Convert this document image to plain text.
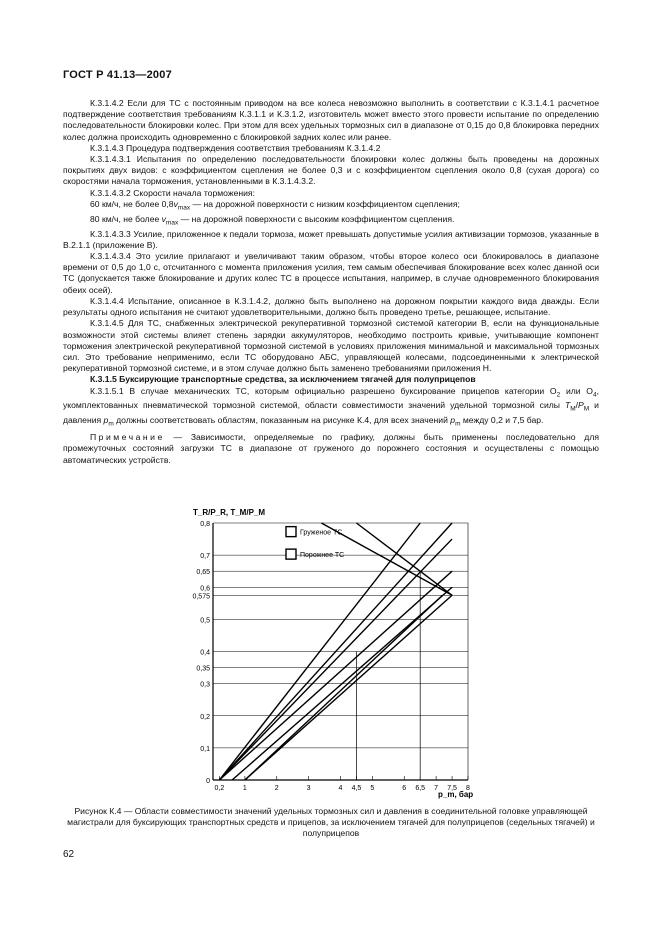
ГОСТ Р 41.13—2007

К.3.1.4.2 Если для ТС с постоянным приводом на все колеса невозможно выполнить в соответствии с К.3.1.4.1 расчетное подтверждение соответствия требованиям К.3.1.1 и К.3.1.2, изготовитель может вместо этого провести испытание по определению последовательности блокировки колес. При этом для всех удельных тормозных сил в диапазоне от 0,15 до 0,8 блокировка передних колес должна происходить одновременно с блокировкой задних колес или ранее.

К.3.1.4.3 Процедура подтверждения соответствия требованиям К.3.1.4.2

К.3.1.4.3.1 Испытания по определению последовательности блокировки колес должны быть проведены на дорожных покрытиях двух видов: с коэффициентом сцепления не более 0,3 и с коэффициентом сцепления около 0,8 (сухая дорога) со скоростями начала торможения, установленными в К.3.1.4.3.2.

К.3.1.4.3.2 Скорости начала торможения:

60 км/ч, не более $0,8v_{max}$ — на дорожной поверхности с низким коэффициентом сцепления;

80 км/ч, не более $v_{max}$ — на дорожной поверхности с высоким коэффициентом сцепления.

К.3.1.4.3.3 Усилие, приложенное к педали тормоза, может превышать допустимые усилия активизации тормозов, указанные в В.2.1.1 (приложение В).

К.3.1.4.3.4 Это усилие прилагают и увеличивают таким образом, чтобы второе колесо оси блокировалось в диапазоне времени от 0,5 до 1,0 с, отсчитанного с момента приложения усилия, тем самым обеспечивая блокирование всех колес данной оси ТС (допускается также блокирование и других колес ТС в процессе испытания, например, в случае одновременного блокирования обеих осей).

К.3.1.4.4 Испытание, описанное в К.3.1.4.2, должно быть выполнено на дорожном покрытии каждого вида дважды. Если результаты одного испытания не считают удовлетворительными, должно быть проведено третье, решающее, испытание.

К.3.1.4.5 Для ТС, снабженных электрической рекуперативной тормозной системой категории В, если на функциональные возможности этой системы влияет степень зарядки аккумуляторов, необходимо построить кривые, учитывающие компонент торможения электрической рекуперативной тормозной системой в условиях приложения минимальной и максимальной тормозных сил. Это требование неприменимо, если ТС оборудовано АБС, управляющей колесами, подсоединенными к электрической рекуперативной тормозной системе, и в этом случае должно быть заменено требованиями приложения Н.

К.3.1.5 Буксирующие транспортные средства, за исключением тягачей для полуприцепов

К.3.1.5.1 В случае механических ТС, которым официально разрешено буксирование прицепов категории $O_2$ или $O_4$, укомплектованных пневматической тормозной системой, области совместимости значений удельной тормозной силы $T_М/P_М$ и давления $p_m$ должны соответствовать областям, показанным на рисунке К.4, для всех значений $p_m$ между 0,2 и 7,5 бар.

Примечание — Зависимости, определяемые по графику, должны быть применены последовательно для промежуточных состояний загрузки ТС в диапазоне от груженого до порожнего состояния и осуществлены с помощью автоматических устройств.

0
0,1
0,2
0,3
0,35
0,4
0,5
0,575
0,6
0,65
0,7
0,8
0,2	1	2	3	4 4,5 5	6 6,5 7 7,5 8
Груженое ТС
Порожнее ТС
T_R/P_R, T_M/P_M
p_m, бар
Рисунок К.4 — Области совместимости значений удельных тормозных сил и давления в соединительной головке управляющей магистрали для буксирующих транспортных средств и прицепов, за исключением тягачей для полуприцепов (седельных тягачей) и полуприцепов
62
